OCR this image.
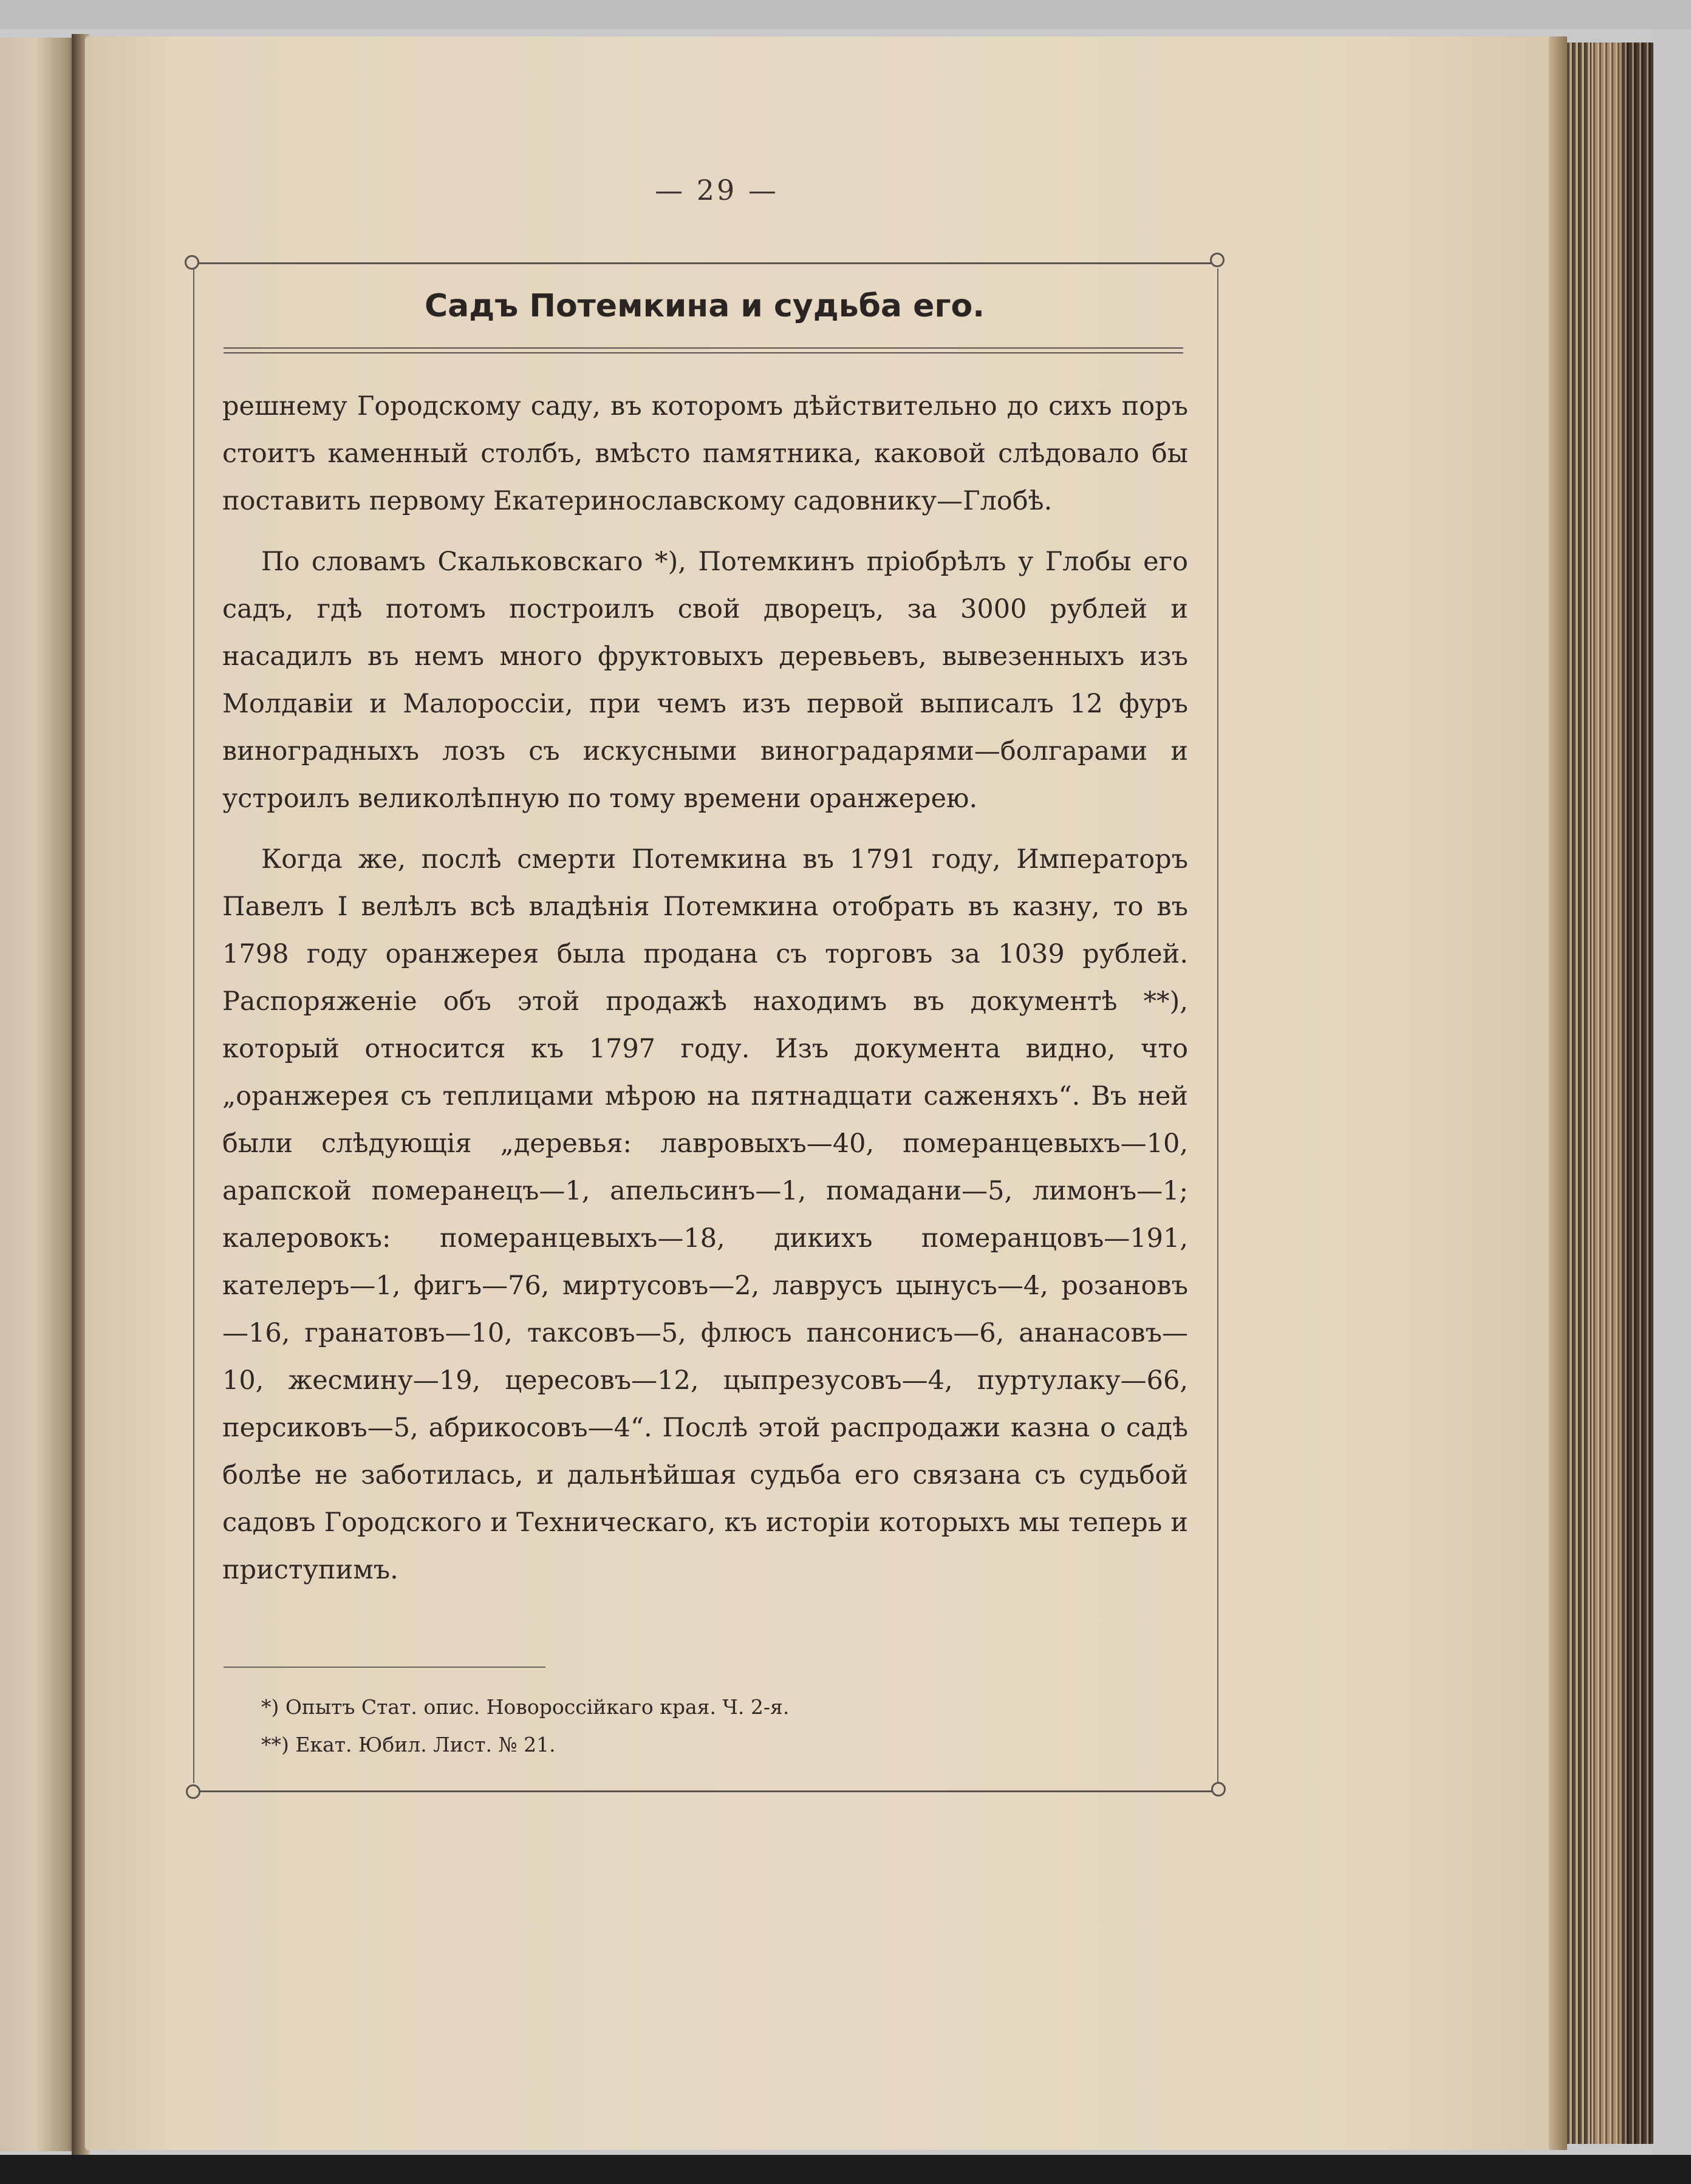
— 29 —
Садъ Потемкина и судьба его.

решнему Городскому саду, въ которомъ дѣйствительно до сихъ поръ стоитъ каменный столбъ, вмѣсто памятника, каковой слѣдовало бы поставить первому Екатеринославскому садовнику—Глобѣ.

По словамъ Скальковскаго *), Потемкинъ пріобрѣлъ у Глобы его садъ, гдѣ потомъ построилъ свой дворецъ, за 3000 рублей и насадилъ въ немъ много фруктовыхъ деревьевъ, вывезенныхъ изъ Молдавіи и Малороссіи, при чемъ изъ первой выписалъ 12 фуръ виноградныхъ лозъ съ искусными виноградарями—болгарами и устроилъ великолѣпную по тому времени оранжерею.

Когда же, послѣ смерти Потемкина въ 1791 году, Императоръ Павелъ I велѣлъ всѣ владѣнія Потемкина отобрать въ казну, то въ 1798 году оранжерея была продана съ торговъ за 1039 рублей. Распоряженіе объ этой продажѣ находимъ въ документѣ **), который относится къ 1797 году. Изъ документа видно, что „оранжерея съ теплицами мѣрою на пятнадцати саженяхъ“. Въ ней были слѣдующія „деревья: лавровыхъ—40, померанцевыхъ—10, арапской померанецъ—1, апельсинъ—1, помадани—5, лимонъ—1; калеровокъ: померанцевыхъ—18, дикихъ померанцовъ—191, кателеръ—1, фигъ—76, миртусовъ—2, лаврусъ цынусъ—4, розановъ—16, гранатовъ—10, таксовъ—5, флюсъ пансонисъ—6, ананасовъ—10, жесмину—19, цересовъ—12, цыпрезусовъ—4, пуртулаку—66, персиковъ—5, абрикосовъ—4“. Послѣ этой распродажи казна о садѣ болѣе не заботилась, и дальнѣйшая судьба его связана съ судьбой садовъ Городского и Техническаго, къ исторіи которыхъ мы теперь и приступимъ.

*) Опытъ Стат. опис. Новороссійкаго края. Ч. 2-я.
**) Екат. Юбил. Лист. № 21.
